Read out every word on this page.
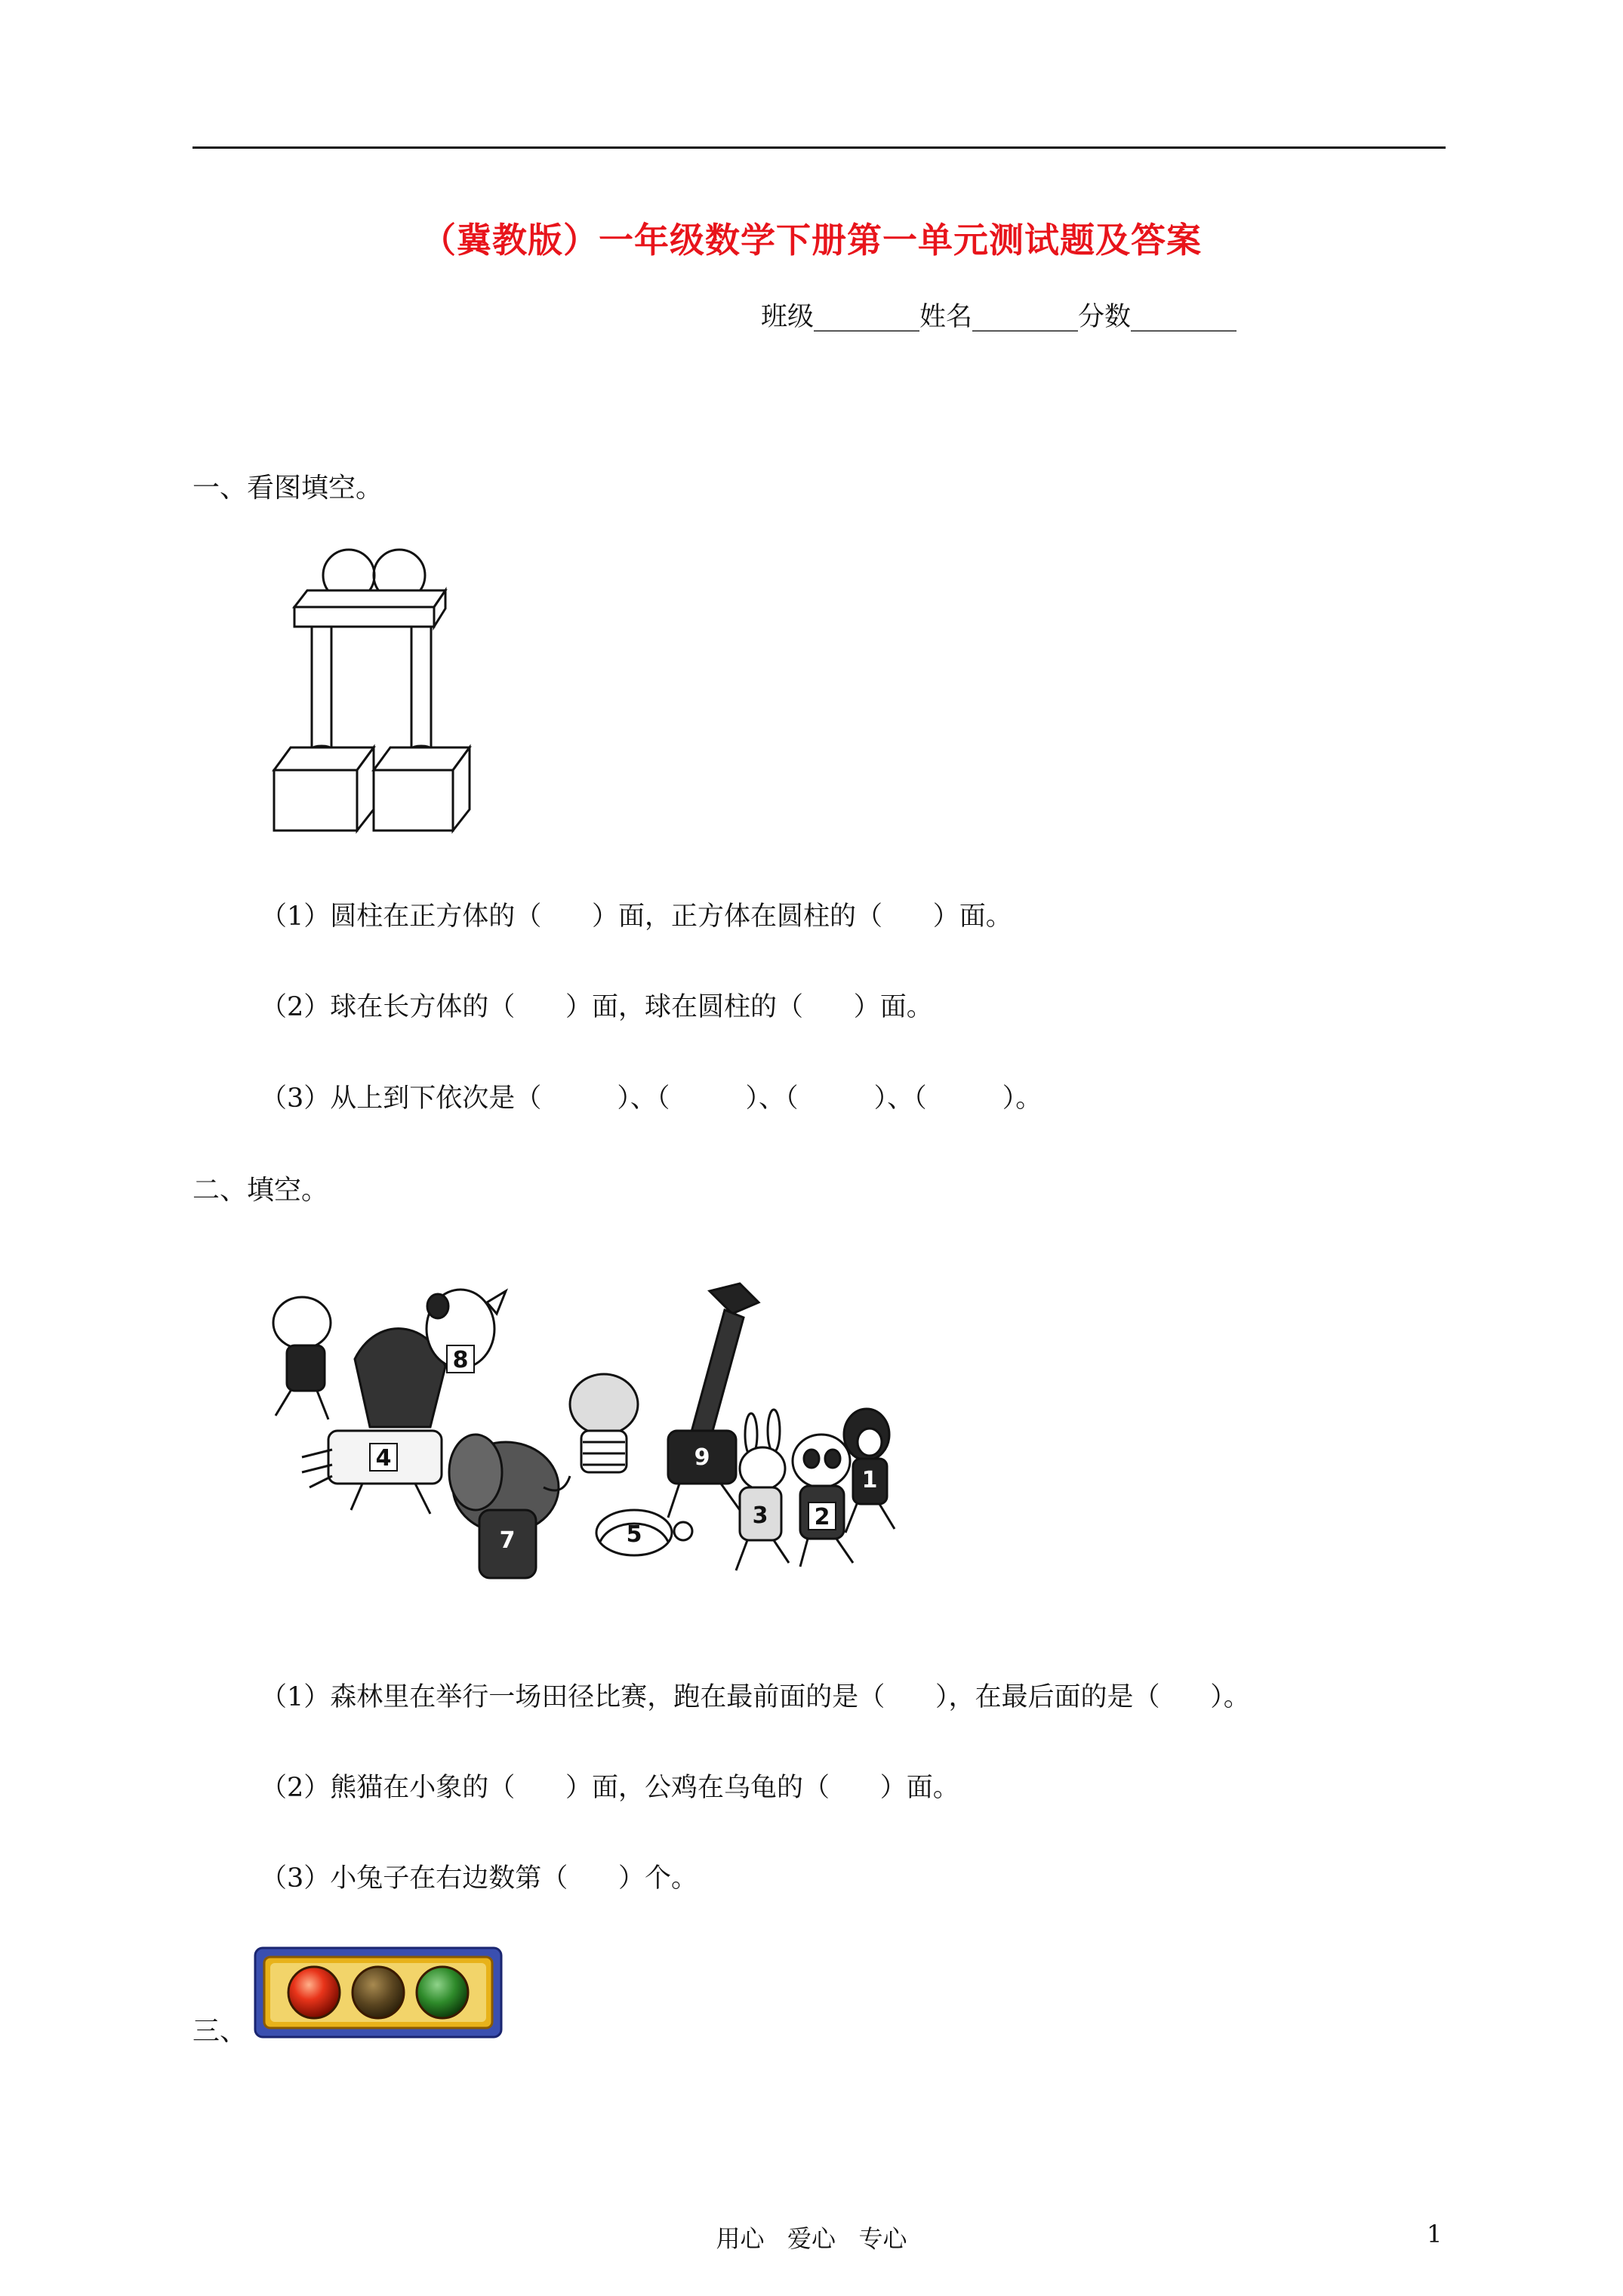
（冀教版）一年级数学下册第一单元测试题及答案
班级________姓名________分数________
一、看图填空。
（1）圆柱在正方体的（      ）面，正方体在圆柱的（      ）面。
（2）球在长方体的（      ）面，球在圆柱的（      ）面。
（3）从上到下依次是（         ）、（         ）、（         ）、（         ）。
二、填空。
8
4
7	5
9
3 2
1
（1）森林里在举行一场田径比赛，跑在最前面的是（      ），在最后面的是（      ）。
（2）熊猫在小象的（      ）面，公鸡在乌龟的（      ）面。
（3）小兔子在右边数第（      ）个。
三、
用心   爱心   专心	1
